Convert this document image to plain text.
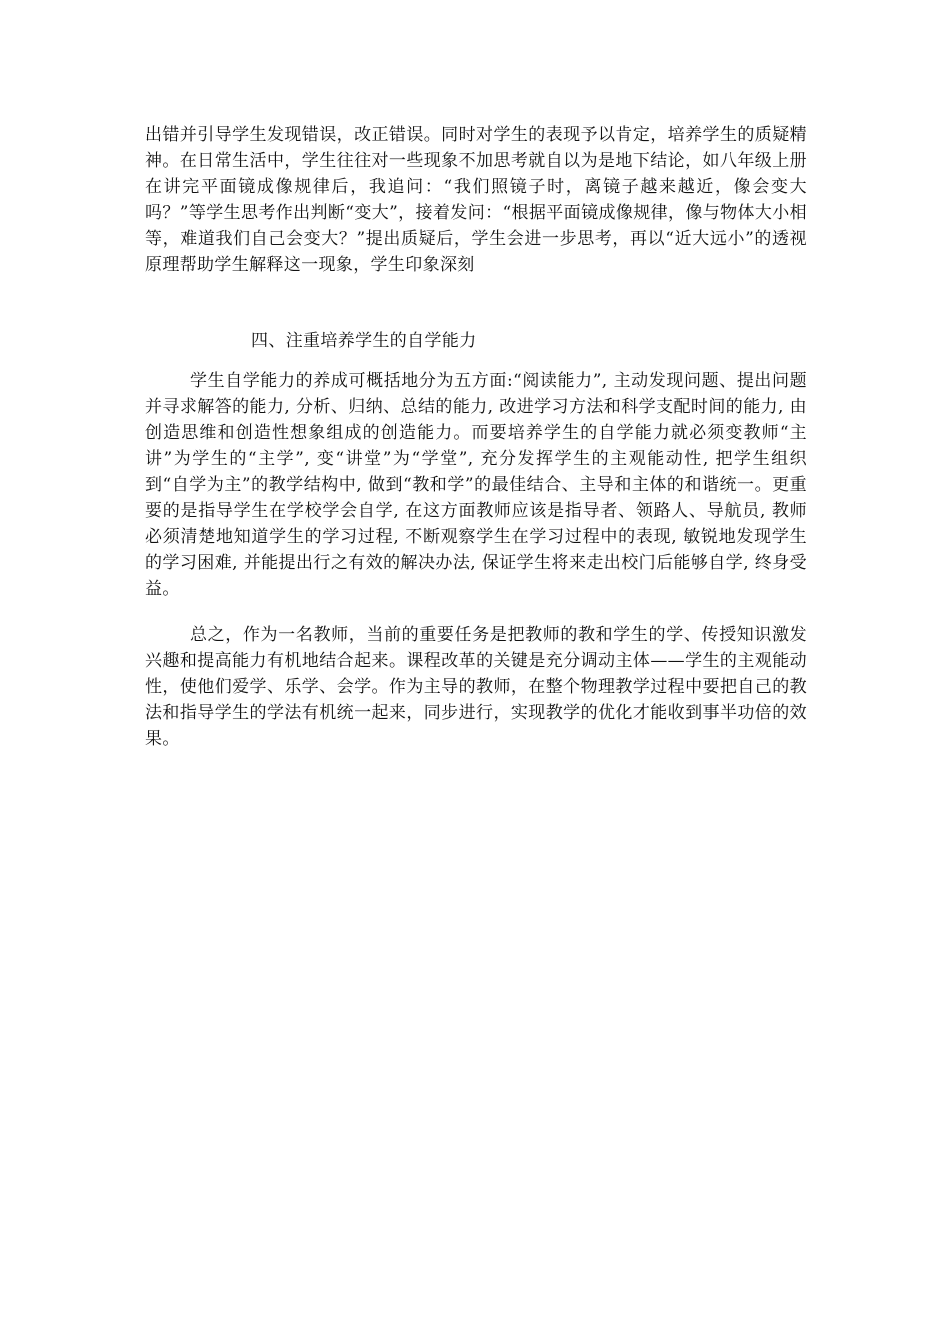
出错并引导学生发现错误，改正错误。同时对学生的表现予以肯定，培养学生的质疑精神。在日常生活中，学生往往对一些现象不加思考就自以为是地下结论，如八年级上册在讲完平面镜成像规律后，我追问：“我们照镜子时，离镜子越来越近，像会变大吗？”等学生思考作出判断“变大”，接着发问：“根据平面镜成像规律，像与物体大小相等，难道我们自己会变大？”提出质疑后，学生会进一步思考，再以“近大远小”的透视原理帮助学生解释这一现象，学生印象深刻

四、注重培养学生的自学能力

学生自学能力的养成可概括地分为五方面:“阅读能力”, 主动发现问题、提出问题并寻求解答的能力, 分析、归纳、总结的能力, 改进学习方法和科学支配时间的能力, 由创造思维和创造性想象组成的创造能力。而要培养学生的自学能力就必须变教师“主讲”为学生的“主学”, 变“讲堂”为“学堂”, 充分发挥学生的主观能动性, 把学生组织到“自学为主”的教学结构中, 做到“教和学”的最佳结合、主导和主体的和谐统一。更重要的是指导学生在学校学会自学, 在这方面教师应该是指导者、领路人、导航员, 教师必须清楚地知道学生的学习过程, 不断观察学生在学习过程中的表现, 敏锐地发现学生的学习困难, 并能提出行之有效的解决办法, 保证学生将来走出校门后能够自学, 终身受益。

总之，作为一名教师，当前的重要任务是把教师的教和学生的学、传授知识激发兴趣和提高能力有机地结合起来。课程改革的关键是充分调动主体——学生的主观能动性，使他们爱学、乐学、会学。作为主导的教师，在整个物理教学过程中要把自己的教法和指导学生的学法有机统一起来，同步进行，实现教学的优化才能收到事半功倍的效果。
